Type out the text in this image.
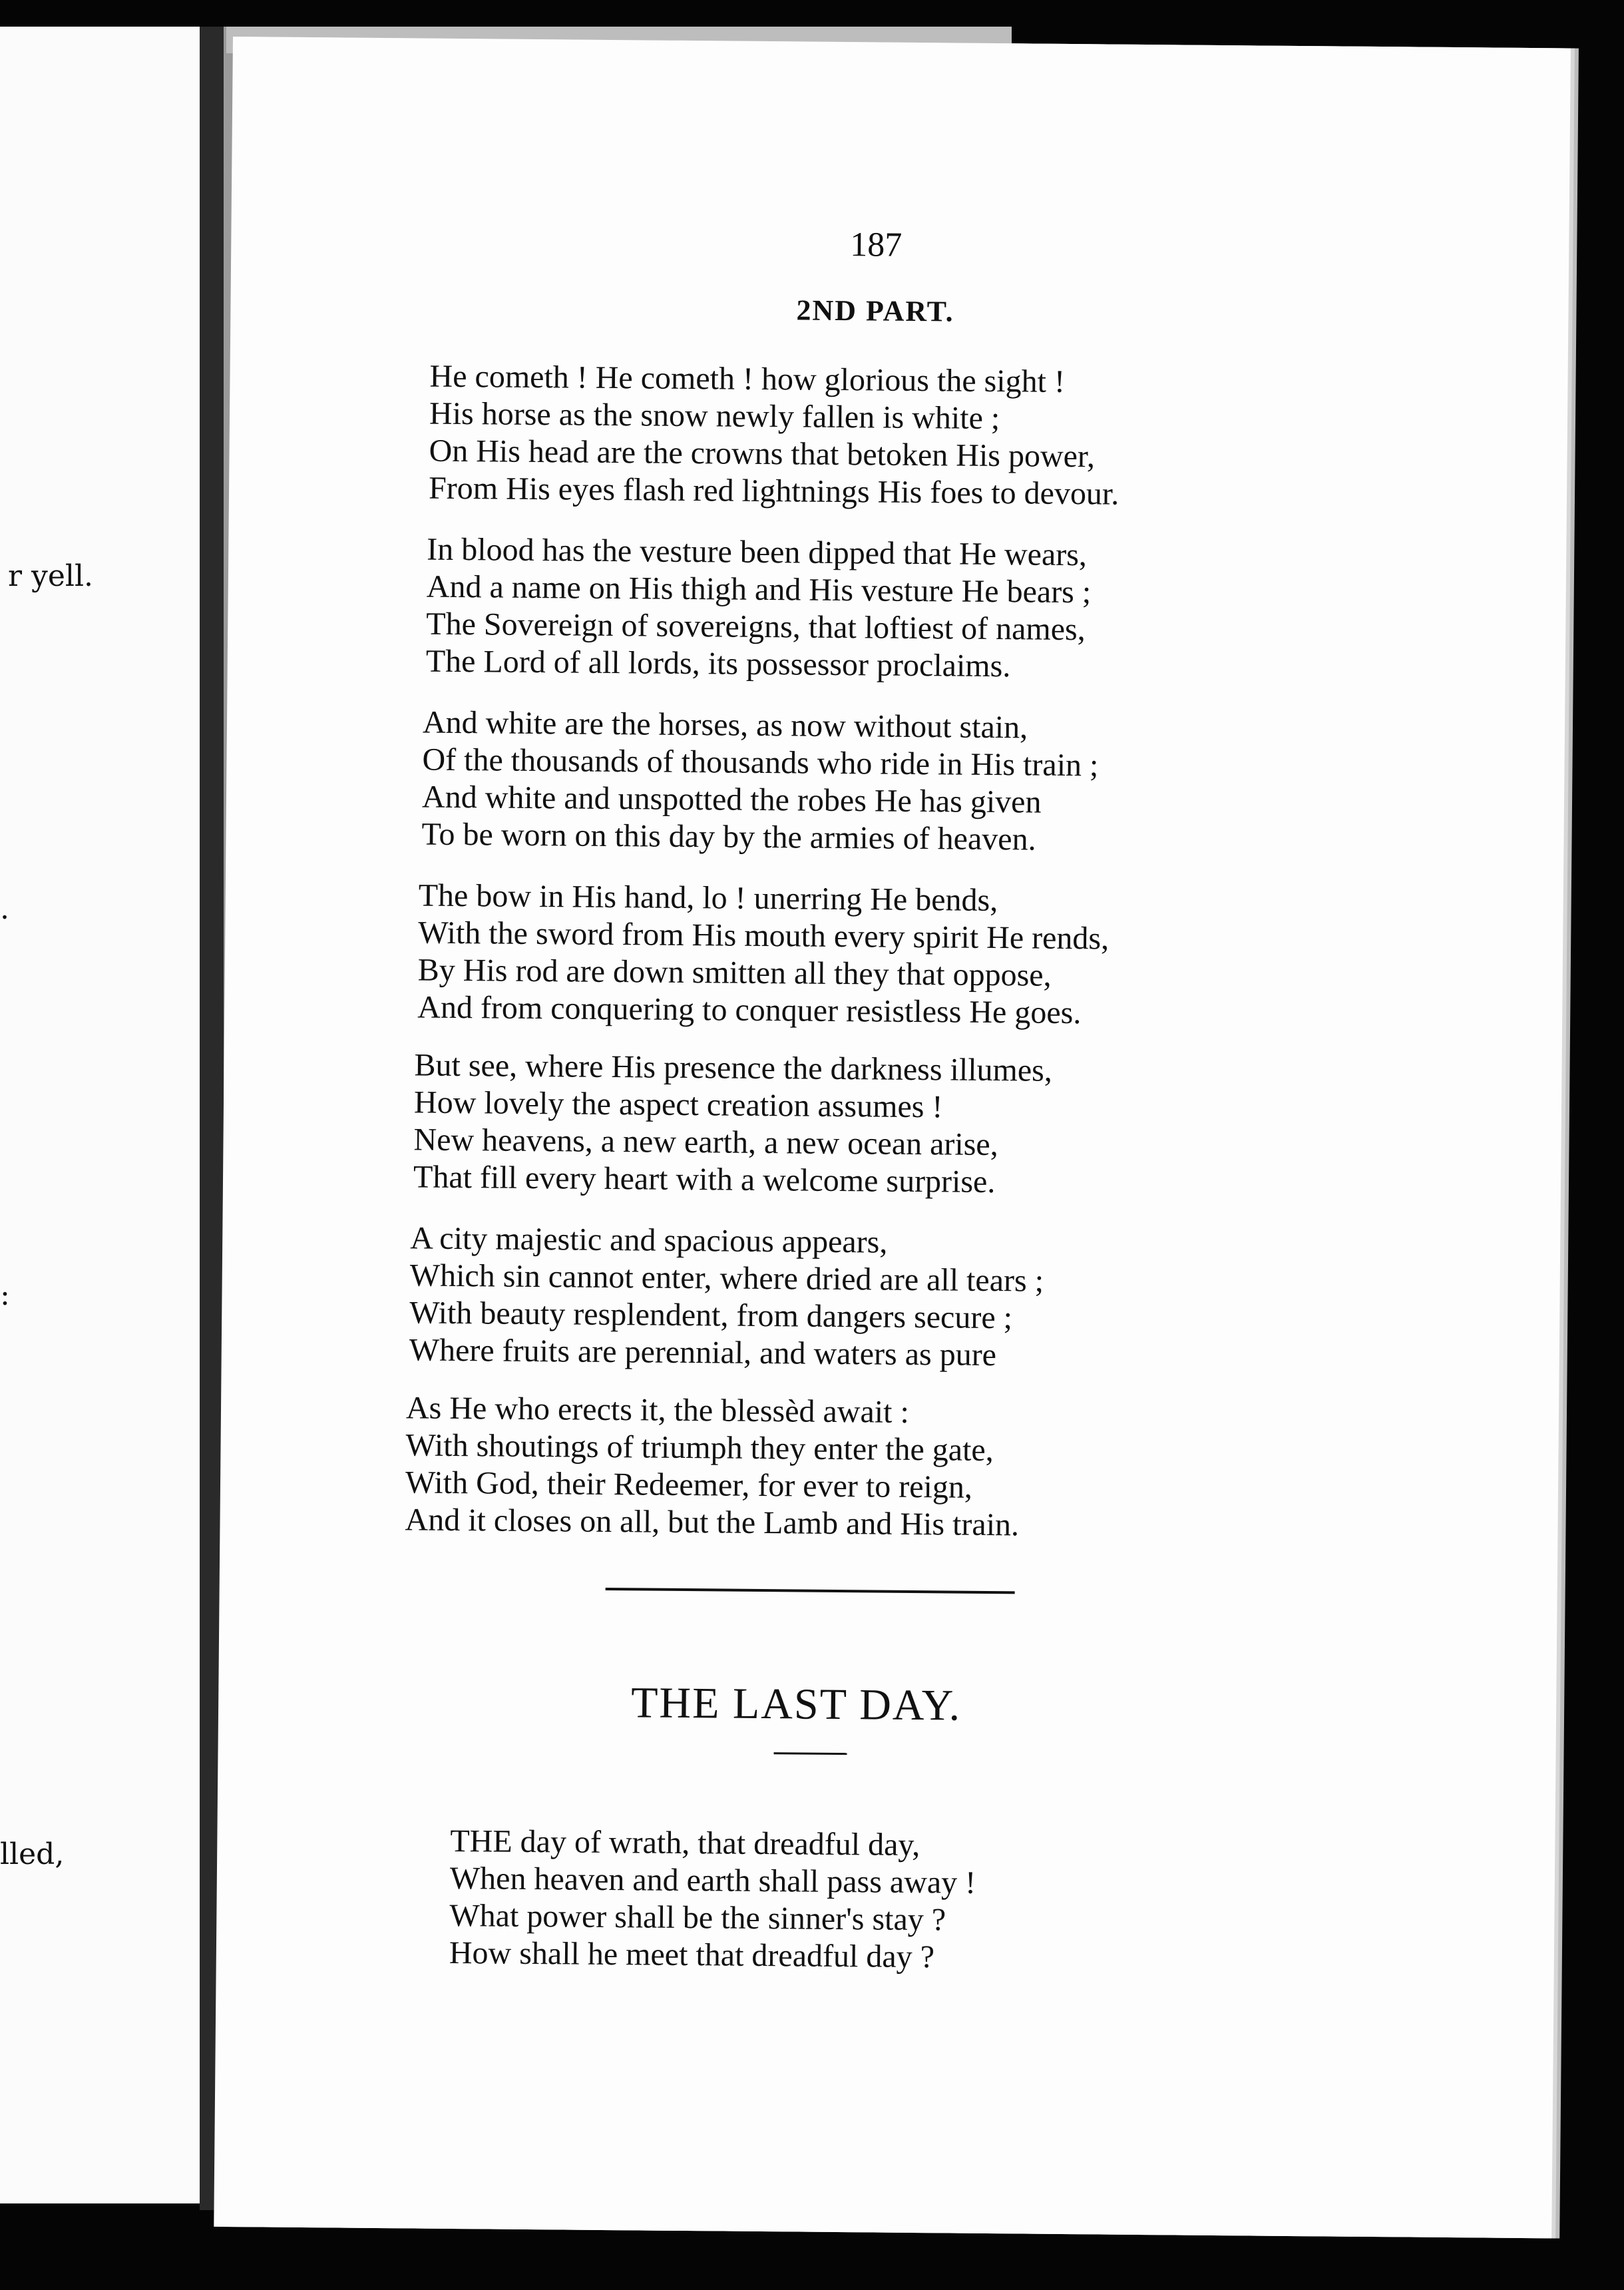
r yell.
.
:
lled,
187
2ND PART.
He cometh ! He cometh ! how glorious the sight !
His horse as the snow newly fallen is white ;
On His head are the crowns that betoken His power,
From His eyes flash red lightnings His foes to devour.
In blood has the vesture been dipped that He wears,
And a name on His thigh and His vesture He bears ;
The Sovereign of sovereigns, that loftiest of names,
The Lord of all lords, its possessor proclaims.
And white are the horses, as now without stain,
Of the thousands of thousands who ride in His train ;
And white and unspotted the robes He has given
To be worn on this day by the armies of heaven.
The bow in His hand, lo ! unerring He bends,
With the sword from His mouth every spirit He rends,
By His rod are down smitten all they that oppose,
And from conquering to conquer resistless He goes.
But see, where His presence the darkness illumes,
How lovely the aspect creation assumes !
New heavens, a new earth, a new ocean arise,
That fill every heart with a welcome surprise.
A city majestic and spacious appears,
Which sin cannot enter, where dried are all tears ;
With beauty resplendent, from dangers secure ;
Where fruits are perennial, and waters as pure
As He who erects it, the blessèd await :
With shoutings of triumph they enter the gate,
With God, their Redeemer, for ever to reign,
And it closes on all, but the Lamb and His train.
THE LAST DAY.
THE day of wrath, that dreadful day,
When heaven and earth shall pass away !
What power shall be the sinner's stay ?
How shall he meet that dreadful day ?
